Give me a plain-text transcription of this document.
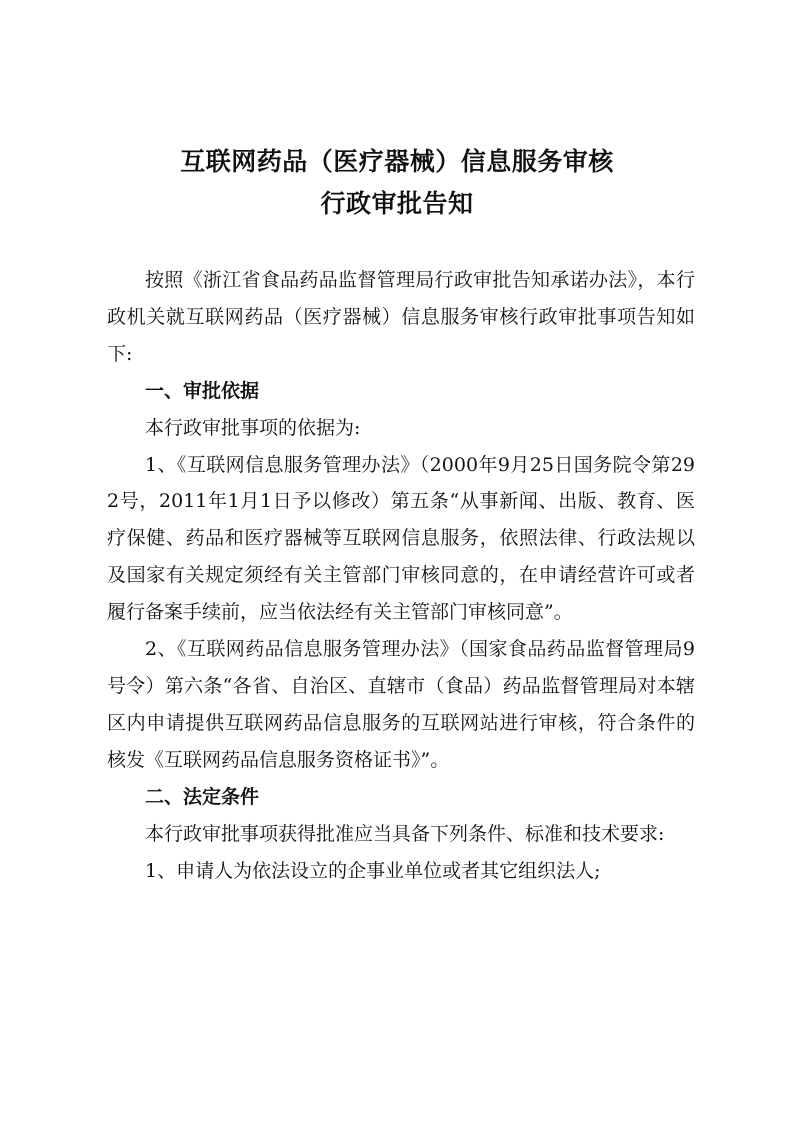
互联网药品（医疗器械）信息服务审核
行政审批告知

按照《浙江省食品药品监督管理局行政审批告知承诺办法》，本行政机关就互联网药品（医疗器械）信息服务审核行政审批事项告知如下:

一、审批依据

本行政审批事项的依据为:

1、《互联网信息服务管理办法》（2000年9月25日国务院令第292号，2011年1月1日予以修改）第五条“从事新闻、出版、教育、医疗保健、药品和医疗器械等互联网信息服务，依照法律、行政法规以及国家有关规定须经有关主管部门审核同意的，在申请经营许可或者履行备案手续前，应当依法经有关主管部门审核同意”。

2、《互联网药品信息服务管理办法》（国家食品药品监督管理局9号令）第六条“各省、自治区、直辖市（食品）药品监督管理局对本辖区内申请提供互联网药品信息服务的互联网站进行审核，符合条件的核发《互联网药品信息服务资格证书》”。

二、法定条件

本行政审批事项获得批准应当具备下列条件、标准和技术要求:

1、申请人为依法设立的企事业单位或者其它组织法人;
